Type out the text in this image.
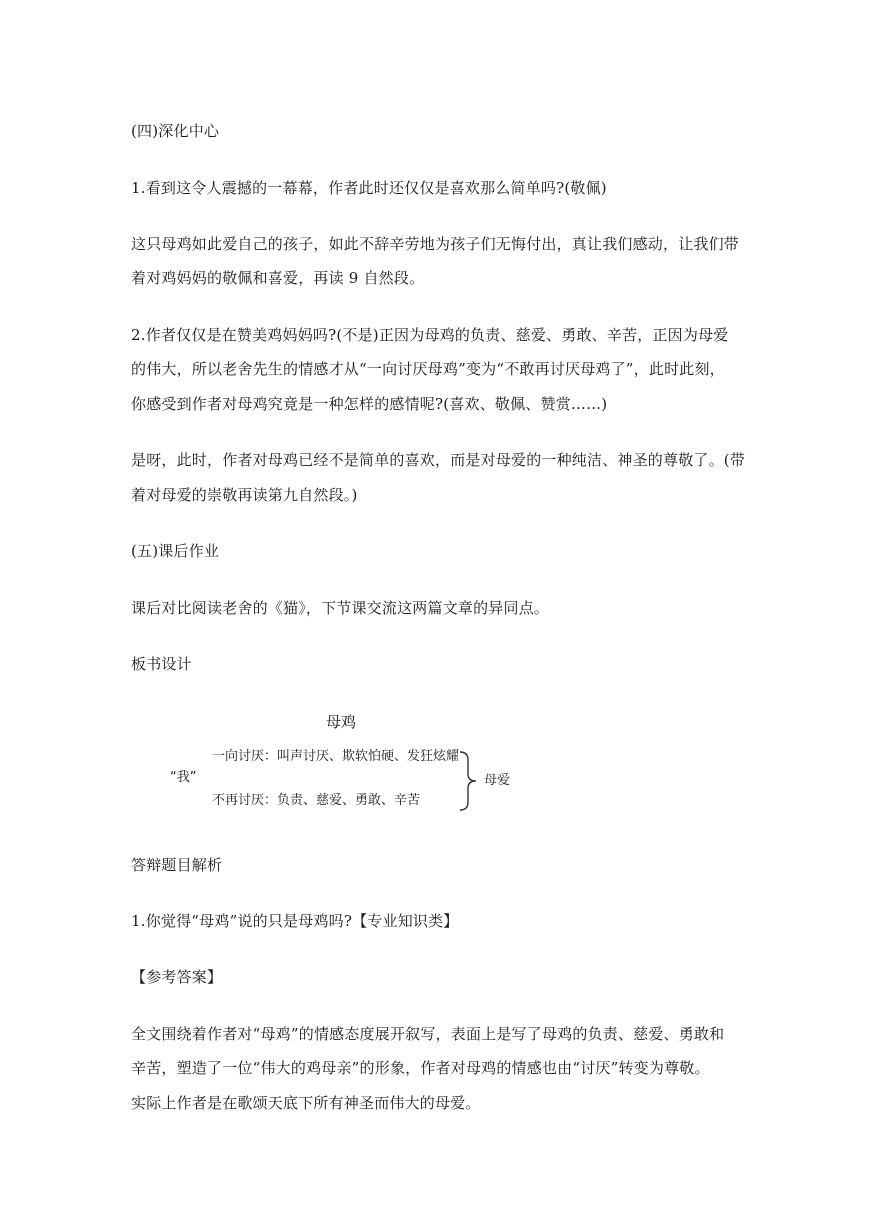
(四)深化中心
1.看到这令人震撼的一幕幕，作者此时还仅仅是喜欢那么简单吗?(敬佩)
这只母鸡如此爱自己的孩子，如此不辞辛劳地为孩子们无悔付出，真让我们感动，让我们带
着对鸡妈妈的敬佩和喜爱，再读 9 自然段。
2.作者仅仅是在赞美鸡妈妈吗?(不是)正因为母鸡的负责、慈爱、勇敢、辛苦，正因为母爱
的伟大，所以老舍先生的情感才从“一向讨厌母鸡”变为“不敢再讨厌母鸡了”，此时此刻，
你感受到作者对母鸡究竟是一种怎样的感情呢?(喜欢、敬佩、赞赏……)
是呀，此时，作者对母鸡已经不是简单的喜欢，而是对母爱的一种纯洁、神圣的尊敬了。(带
着对母爱的崇敬再读第九自然段。)
(五)课后作业
课后对比阅读老舍的《猫》，下节课交流这两篇文章的异同点。
板书设计
母鸡
“我”
一向讨厌：叫声讨厌、欺软怕硬、发狂炫耀
不再讨厌：负责、慈爱、勇敢、辛苦
母爱
答辩题目解析
1.你觉得“母鸡”说的只是母鸡吗?【专业知识类】
【参考答案】
全文围绕着作者对“母鸡”的情感态度展开叙写，表面上是写了母鸡的负责、慈爱、勇敢和
辛苦，塑造了一位“伟大的鸡母亲”的形象，作者对母鸡的情感也由“讨厌”转变为尊敬。
实际上作者是在歌颂天底下所有神圣而伟大的母爱。
